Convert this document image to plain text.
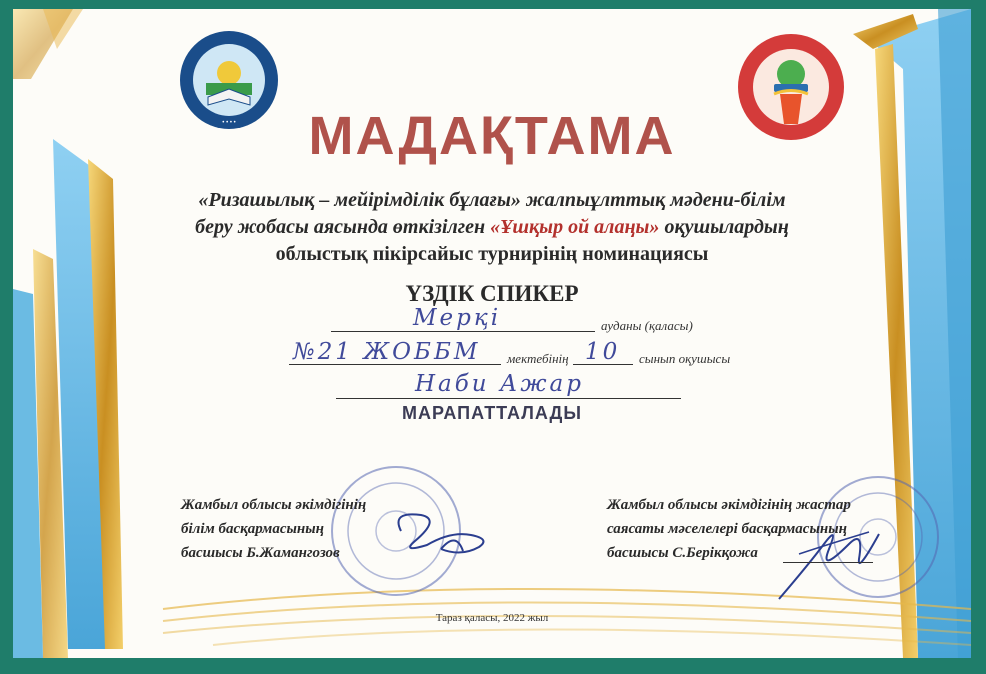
• • • •	МАДАҚТАМА
«Ризашылық – мейірімділік бұлағы» жалпыұлттық мәдени-білім
беру жобасы аясында өткізілген «Ұшқыр ой алаңы» оқушылардың
облыстық пікірсайыс турнирінің номинациясы
ҮЗДІК СПИКЕР
Мерқі	ауданы (қаласы)
№21 ЖОББМ мектебінің 10 сынып оқушысы
Наби Ажар
МАРАПАТТАЛАДЫ
Жамбыл облысы әкімдігінің
білім басқармасының
басшысы Б.Жамангозов
Жамбыл облысы әкімдігінің жастар
саясаты мәселелері басқармасының
басшысы С.Берікқожа
Тараз қаласы, 2022 жыл
